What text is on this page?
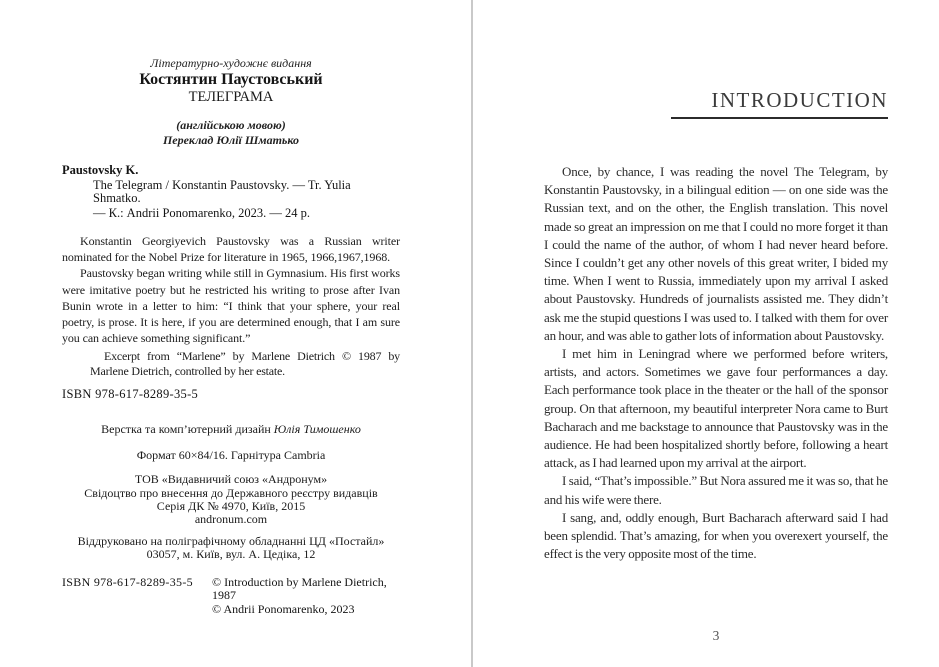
Літературно-художнє видання
Костянтин Паустовський
ТЕЛЕГРАМА
(англійською мовою)
Переклад Юлії Шматько
Paustovsky K.
The Telegram / Konstantin Paustovsky. — Tr. Yulia Shmatko.
— К.: Andrii Ponomarenko, 2023. — 24 p.

Konstantin Georgiyevich Paustovsky was a Russian writer nominated for the Nobel Prize for literature in 1965, 1966,1967,1968.

Paustovsky began writing while still in Gymnasium. His first works were imitative poetry but he restricted his writing to prose after Ivan Bunin wrote in a letter to him: “I think that your sphere, your real poetry, is prose. It is here, if you are determined enough, that I am sure you can achieve something significant.”

Excerpt from “Marlene” by Marlene Dietrich © 1987 by Marlene Dietrich, controlled by her estate.
ISBN 978-617-8289-35-5
Верстка та комп’ютерний дизайн Юлія Тимошенко
Формат 60×84/16. Гарнітура Cambria
ТОВ «Видавничий союз «Андронум»
Свідоцтво про внесення до Державного реєстру видавців
Серія ДК № 4970, Київ, 2015
andronum.com
Віддруковано на поліграфічному обладнанні ЦД «Постайл»
03057, м. Київ, вул. А. Цедіка, 12
ISBN 978-617-8289-35-5 © Introduction by Marlene Dietrich, 1987
© Andrii Ponomarenko, 2023
INTRODUCTION

Once, by chance, I was reading the novel The Telegram, by Konstantin Paustovsky, in a bilingual edition — on one side was the Russian text, and on the other, the English translation. This novel made so great an impression on me that I could no more forget it than I could the name of the author, of whom I had never heard before. Since I couldn’t get any other novels of this great writer, I bided my time. When I went to Russia, immediately upon my arrival I asked about Paustovsky. Hundreds of journalists assisted me. They didn’t ask me the stupid questions I was used to. I talked with them for over an hour, and was able to gather lots of information about Paustovsky.

I met him in Leningrad where we performed before writers, artists, and actors. Sometimes we gave four performances a day. Each performance took place in the theater or the hall of the sponsor group. On that afternoon, my beautiful interpreter Nora came to Burt Bacharach and me backstage to announce that Paustovsky was in the audience. He had been hospitalized shortly before, following a heart attack, as I had learned upon my arrival at the airport.

I said, “That’s impossible.” But Nora assured me it was so, that he and his wife were there.

I sang, and, oddly enough, Burt Bacharach afterward said I had been splendid. That’s amazing, for when you overexert yourself, the effect is the very opposite most of the time.

3
